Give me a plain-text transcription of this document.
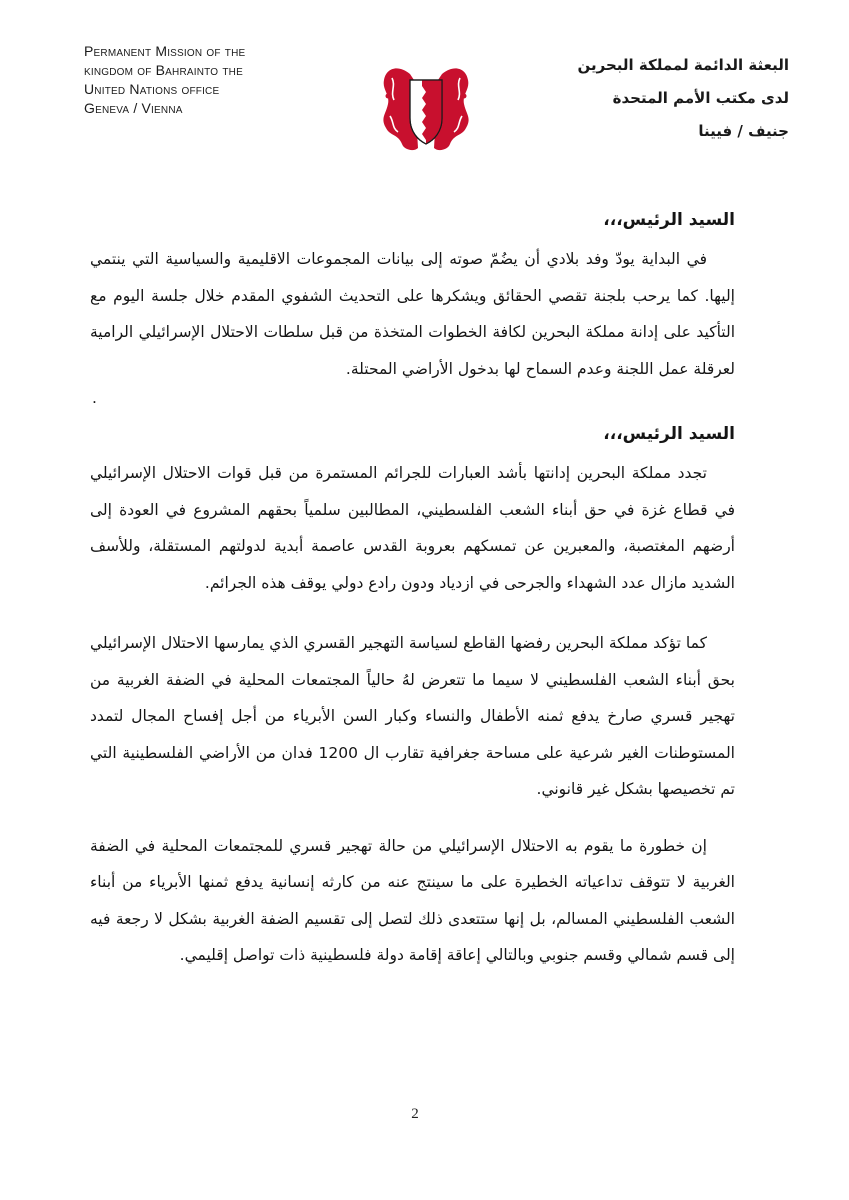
Permanent Mission of the
kingdom of Bahrainto the
United Nations office
Geneva / Vienna
البعثة الدائمة لمملكة البحرين
لدى مكتب الأمم المتحدة
جنيف / فيينا
السيد الرئيس،،،
في البداية يودّ وفد بلادي أن يضُمّ صوته إلى بيانات المجموعات الاقليمية والسياسية التي ينتمي إليها. كما يرحب بلجنة تقصي الحقائق ويشكرها على التحديث الشفوي المقدم خلال جلسة اليوم مع التأكيد على إدانة مملكة البحرين لكافة الخطوات المتخذة من قبل سلطات الاحتلال الإسرائيلي الرامية لعرقلة عمل اللجنة وعدم السماح لها بدخول الأراضي المحتلة.
.
السيد الرئيس،،،
تجدد مملكة البحرين إدانتها بأشد العبارات للجرائم المستمرة من قبل قوات الاحتلال الإسرائيلي في قطاع غزة في حق أبناء الشعب الفلسطيني، المطالبين سلمياً بحقهم المشروع في العودة إلى أرضهم المغتصبة، والمعبرين عن تمسكهم بعروبة القدس عاصمة أبدية لدولتهم المستقلة، وللأسف الشديد مازال عدد الشهداء والجرحى في ازدياد ودون رادع دولي يوقف هذه الجرائم.
كما تؤكد مملكة البحرين رفضها القاطع لسياسة التهجير القسري الذي يمارسها الاحتلال الإسرائيلي بحق أبناء الشعب الفلسطيني لا سيما ما تتعرض لهُ حالياً المجتمعات المحلية في الضفة الغربية من تهجير قسري صارخ يدفع ثمنه الأطفال والنساء وكبار السن الأبرياء من أجل إفساح المجال لتمدد المستوطنات الغير شرعية على مساحة جغرافية تقارب ال 1200 فدان من الأراضي الفلسطينية التي تم تخصيصها بشكل غير قانوني.
إن خطورة ما يقوم به الاحتلال الإسرائيلي من حالة تهجير قسري للمجتمعات المحلية في الضفة الغربية لا تتوقف تداعياته الخطيرة على ما سينتج عنه من كارثه إنسانية يدفع ثمنها الأبرياء من أبناء الشعب الفلسطيني المسالم، بل إنها ستتعدى ذلك لتصل إلى تقسيم الضفة الغربية بشكل لا رجعة فيه إلى قسم شمالي وقسم جنوبي وبالتالي إعاقة إقامة دولة فلسطينية ذات تواصل إقليمي.
2
